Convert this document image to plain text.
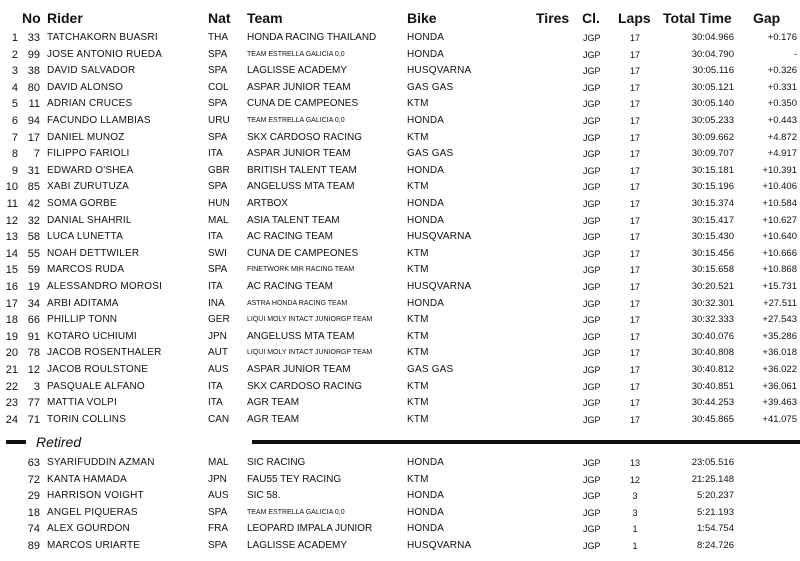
No Rider	Nat Team	Bike	Tires Cl. Laps Total Time Gap
1 33 TATCHAKORN BUASRI	THA HONDA RACING THAILAND	HONDA	JGP	17	30:04.966	+0.176
2 99 JOSE ANTONIO RUEDA	SPA	TEAM ESTRELLA GALICIA 0,0	HONDA	JGP	17	30:04.790	-
3 38 DAVID SALVADOR	SPA LAGLISSE ACADEMY	HUSQVARNA	JGP	17	30:05.116	+0.326
4 80 DAVID ALONSO	COL ASPAR JUNIOR TEAM	GAS GAS	JGP	17	30:05.121	+0.331
5 11 ADRIAN CRUCES	SPA CUNA DE CAMPEONES	KTM	JGP	17	30:05.140	+0.350
6 94 FACUNDO LLAMBIAS	URU TEAM ESTRELLA GALICIA 0,0	HONDA	JGP	17	30:05.233	+0.443
7 17 DANIEL MUNOZ	SPA SKX CARDOSO RACING	KTM	JGP	17	30:09.662	+4.872
8	7 FILIPPO FARIOLI	ITA ASPAR JUNIOR TEAM	GAS GAS	JGP	17	30:09.707	+4.917
9 31 EDWARD O'SHEA	GBR BRITISH TALENT TEAM	HONDA	JGP	17	30:15.181	+10.391
10 85 XABI ZURUTUZA	SPA ANGELUSS MTA TEAM	KTM	JGP	17	30:15.196	+10.406
11 42 SOMA GORBE	HUN ARTBOX	HONDA	JGP	17	30:15.374	+10.584
12 32 DANIAL SHAHRIL	MAL ASIA TALENT TEAM	HONDA	JGP	17	30:15.417	+10.627
13 58 LUCA LUNETTA	ITA AC RACING TEAM	HUSQVARNA	JGP	17	30:15.430	+10.640
14 55 NOAH DETTWILER	SWI CUNA DE CAMPEONES	KTM	JGP	17	30:15.456	+10.666
15 59 MARCOS RUDA	SPA	FINETWORK MIR RACING TEAM	KTM	JGP	17	30:15.658	+10.868
16 19 ALESSANDRO MOROSI	ITA AC RACING TEAM	HUSQVARNA	JGP	17	30:20.521	+15.731
17 34 ARBI ADITAMA	INA	ASTRA HONDA RACING TEAM	HONDA	JGP	17	30:32.301	+27.511
18 66 PHILLIP TONN	GER LIQUI MOLY INTACT JUNIORGP TEAM	KTM	JGP	17	30:32.333	+27.543
19 91 KOTARO UCHIUMI	JPN ANGELUSS MTA TEAM	KTM	JGP	17	30:40.076	+35.286
20 78 JACOB ROSENTHALER	AUT	LIQUI MOLY INTACT JUNIORGP TEAM	KTM	JGP	17	30:40.808	+36.018
21 12 JACOB ROULSTONE	AUS ASPAR JUNIOR TEAM	GAS GAS	JGP	17	30:40.812	+36.022
22	3 PASQUALE ALFANO	ITA SKX CARDOSO RACING	KTM	JGP	17	30:40.851	+36.061
23 77 MATTIA VOLPI	ITA AGR TEAM	KTM	JGP	17	30:44.253	+39.463
24 71 TORIN COLLINS	CAN AGR TEAM	KTM	JGP	17	30:45.865	+41.075
Retired
63 SYARIFUDDIN AZMAN	MAL SIC RACING	HONDA	JGP	13	23:05.516
72 KANTA HAMADA	JPN FAU55 TEY RACING	KTM	JGP	12	21:25.148
29 HARRISON VOIGHT	AUS SIC 58.	HONDA	JGP	3	5:20.237
18 ANGEL PIQUERAS	SPA	TEAM ESTRELLA GALICIA 0,0	HONDA	JGP	3	5:21.193
74 ALEX GOURDON	FRA LEOPARD IMPALA JUNIOR	HONDA	JGP	1	1:54.754
89 MARCOS URIARTE	SPA LAGLISSE ACADEMY	HUSQVARNA	JGP	1	8:24.726
